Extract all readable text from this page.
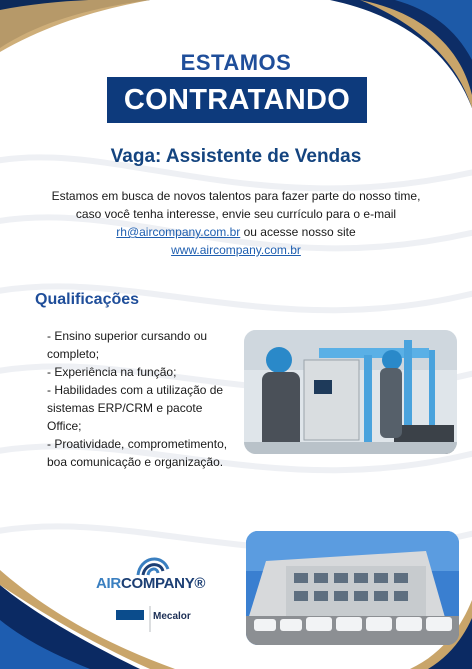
ESTAMOS
CONTRATANDO
Vaga: Assistente de Vendas
Estamos em busca de novos talentos para fazer parte do nosso time,
caso você tenha interesse, envie seu currículo para o e-mail
rh@aircompany.com.br ou acesse nosso site
www.aircompany.com.br
Qualificações
- Ensino superior cursando ou
completo;
- Experiência na função;
- Habilidades com a utilização de
sistemas ERP/CRM e pacote Office;
- Proatividade, comprometimento,
boa comunicação e organização.
AIRCOMPANY®
Mecalor
